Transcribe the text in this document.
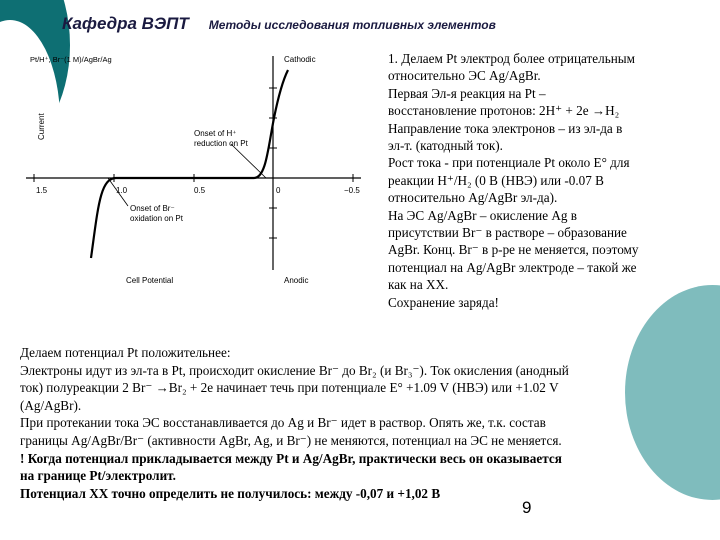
Кафедра ВЭПТ Методы исследования топливных элементов
Pt/H⁺, Br⁻(1 M)/AgBr/Ag	Cathodic
Anodic
Cell Potential
Current
1.5	1.0	0.5	0	−0.5
Onset of H⁺
reduction on Pt
Onset of Br⁻
oxidation on Pt
1. Делаем Pt электрод более отрицательным
относительно ЭС Ag/AgBr.
Первая Эл-я реакция на Pt –
восстановление протонов: 2H⁺ + 2e →H₂
Направление тока электронов – из эл-да в
эл-т. (катодный ток).
Рост тока - при потенциале Pt около E° для
реакции H⁺/H₂ (0 В (НВЭ) или -0.07 В
относительно Ag/AgBr эл-да).
На ЭС Ag/AgBr – окисление Ag в
присутствии Br⁻ в растворе – образование
AgBr. Конц. Br⁻ в р-ре не меняется, поэтому
потенциал на Ag/AgBr электроде – такой же
как на ХХ.
Сохранение заряда!
Делаем потенциал Pt положительнее:
Электроны идут из эл-та в Pt, происходит окисление Br⁻ до Br₂ (и Br₃⁻). Ток окисления (анодный
ток) полуреакции 2 Br⁻ →Br₂ + 2e начинает течь при потенциале E° +1.09 V (НВЭ) или +1.02 V
(Ag/AgBr).
При протекании тока ЭС восстанавливается до Ag и Br⁻ идет в раствор. Опять же, т.к. состав
границы Ag/AgBr/Br⁻ (активности AgBr, Ag, и Br⁻) не меняются, потенциал на ЭС не меняется.
! Когда потенциал прикладывается между Pt и Ag/AgBr, практически весь он оказывается
на границе Pt/электролит.
Потенциал ХХ точно определить не получилось: между -0,07 и +1,02 В
9
